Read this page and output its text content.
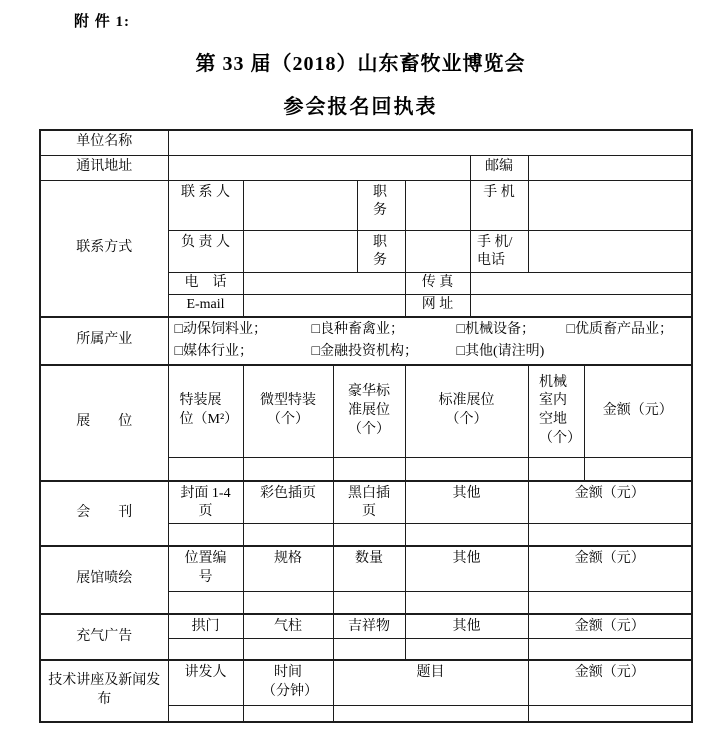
附 件 1:
第 33 届（2018）山东畜牧业博览会
参会报名回执表
单位名称								
通讯地址						邮编		
联系方式	联 系 人			职 务		手 机		
	负 责 人			职 务		手 机/电话		
	电　话				传 真			
	E-mail				网 址			
所属产业	□动保饲料业； □良种畜禽业； □机械设备； □优质畜产品业；
□媒体行业； □金融投资机构； □其他(请注明)							

展　　位	特装展位（M²）	微型特装（个）	豪华标准展位（个）		标准展位（个）		机械室内空地（个）	金额（元）

会　　刊	封面 1-4 页	彩色插页	黑白插页		其他		金额（元）	

展馆喷绘	位置编号	规格	数量		其他		金额（元）	

充气广告	拱门	气柱	吉祥物		其他		金额（元）	

技术讲座及新闻发布	讲发人	时间（分钟）	题目				金额（元）	
